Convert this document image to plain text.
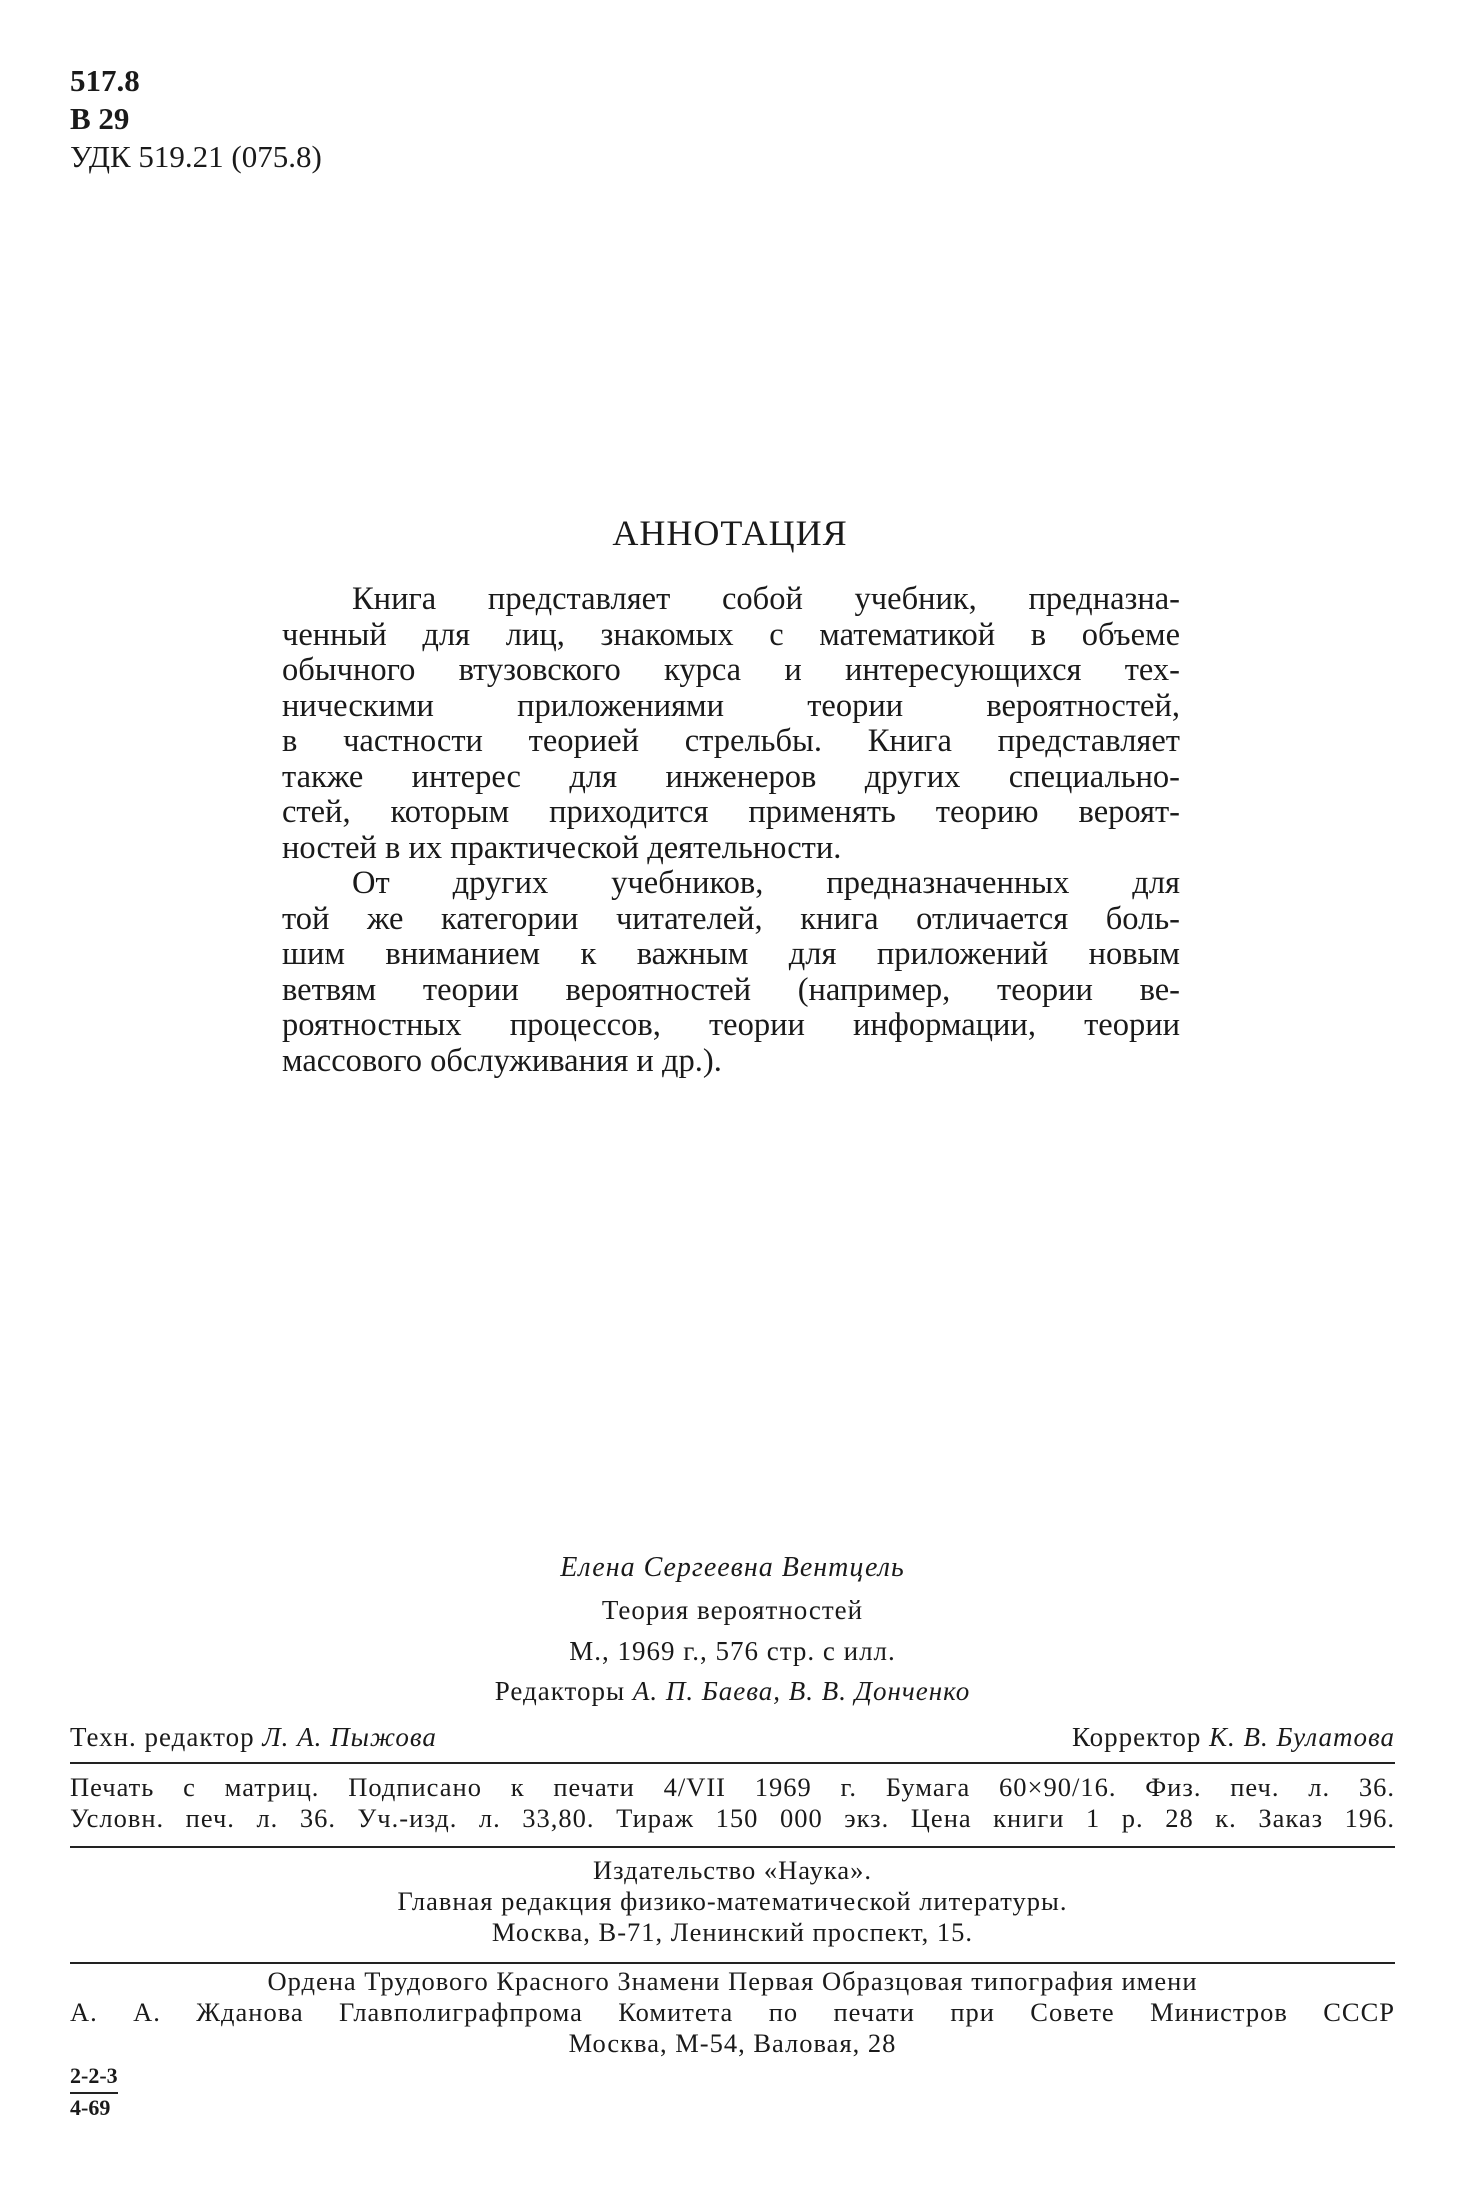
517.8
В 29
УДК 519.21 (075.8)
АННОТАЦИЯ

Книга представляет собой учебник, предназна-
ченный для лиц, знакомых с математикой в объеме
обычного втузовского курса и интересующихся тех-
ническими приложениями теории вероятностей,
в частности теорией стрельбы. Книга представляет
также интерес для инженеров других специально-
стей, которым приходится применять теорию вероят-
ностей в их практической деятельности.

От других учебников, предназначенных для
той же категории читателей, книга отличается боль-
шим вниманием к важным для приложений новым
ветвям теории вероятностей (например, теории ве-
роятностных процессов, теории информации, теории
массового обслуживания и др.).

Елена Сергеевна Вентцель
Теория вероятностей
М., 1969 г., 576 стр. с илл.
Редакторы А. П. Баева, В. В. Донченко
Техн. редактор Л. А. Пыжова	Корректор К. В. Булатова
Печать с матриц. Подписано к печати 4/VII 1969 г. Бумага 60×90/16. Физ. печ. л. 36.
Условн. печ. л. 36. Уч.-изд. л. 33,80. Тираж 150 000 экз. Цена книги 1 р. 28 к. Заказ 196.
Издательство «Наука».
Главная редакция физико-математической литературы.
Москва, В-71, Ленинский проспект, 15.
Ордена Трудового Красного Знамени Первая Образцовая типография имени
А. А. Жданова Главполиграфпрома Комитета по печати при Совете Министров СССР
Москва, М-54, Валовая, 28
2-2-3
4-69
